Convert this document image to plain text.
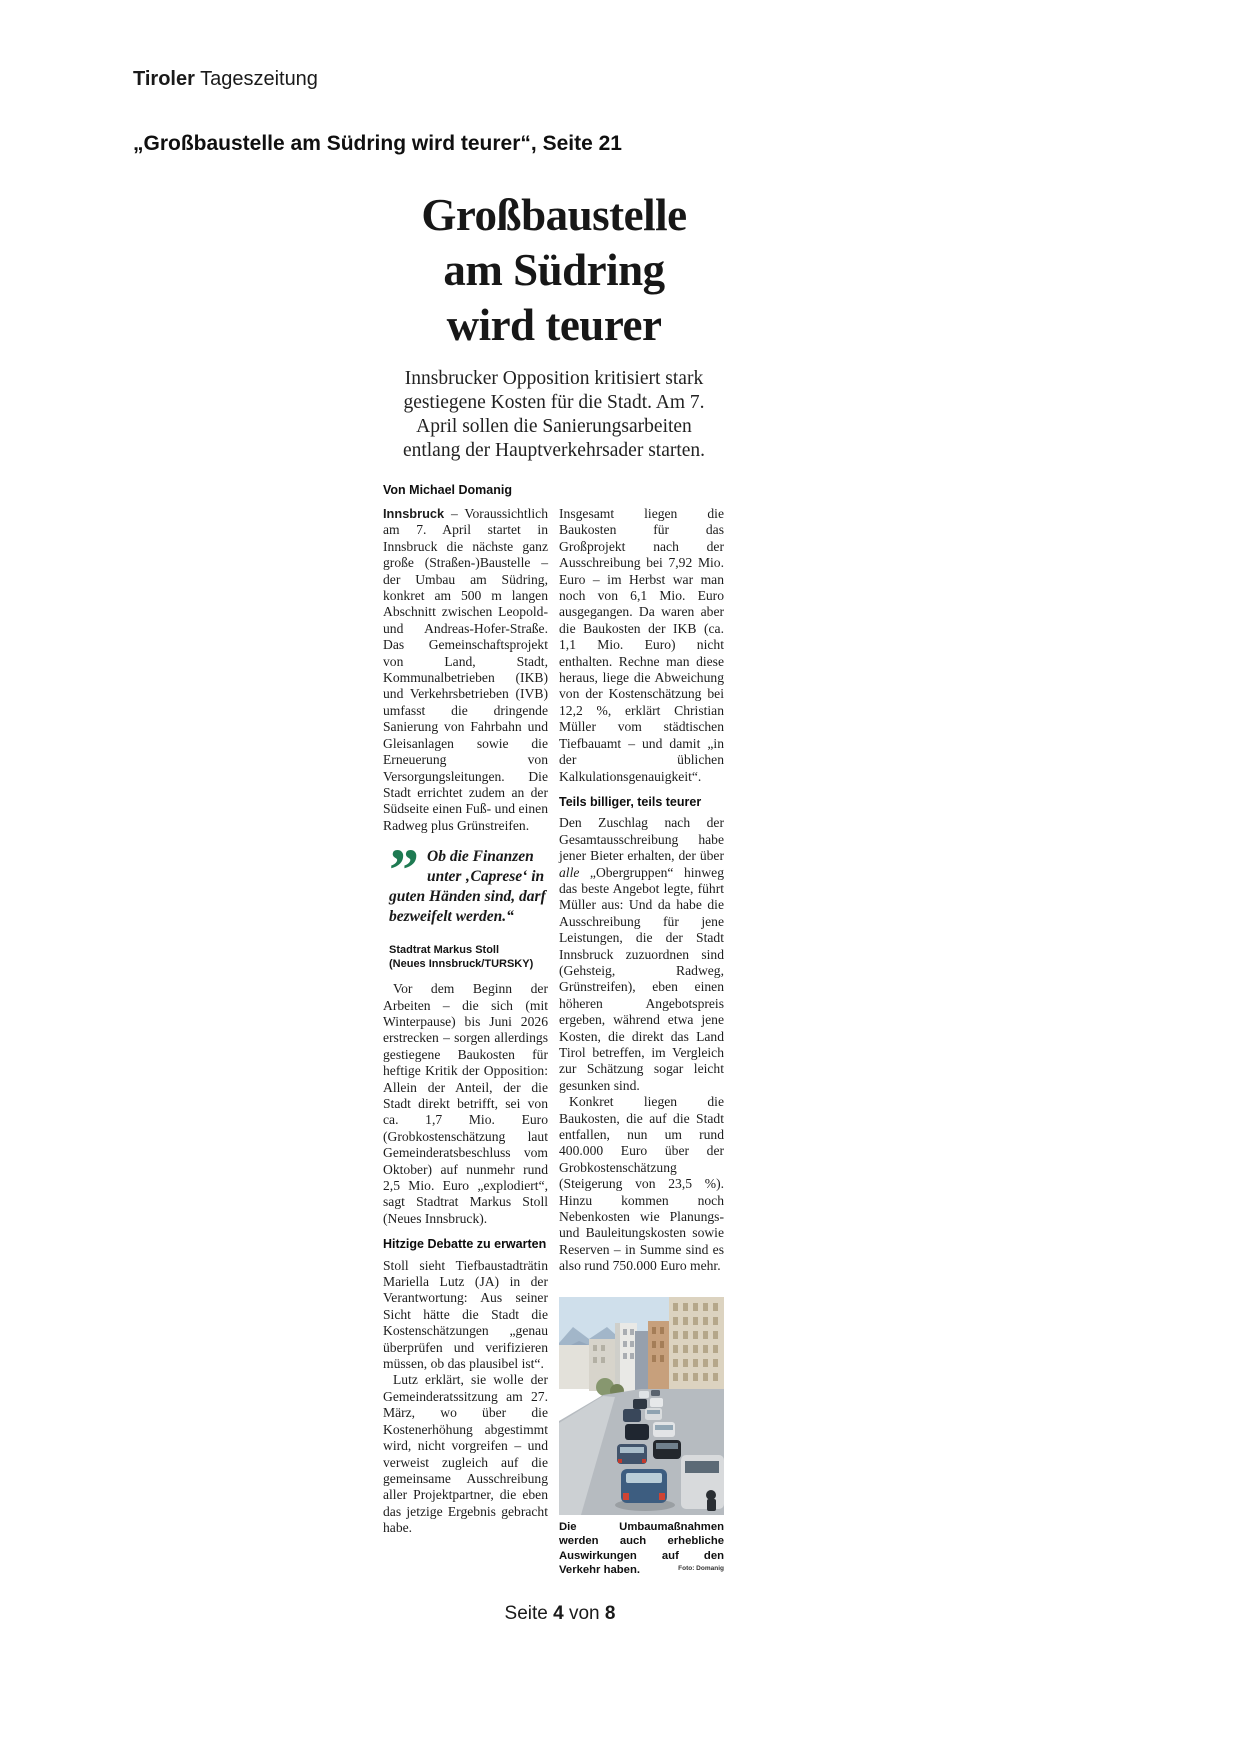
Tiroler Tageszeitung
„Großbaustelle am Südring wird teurer“, Seite 21
Großbaustelle
am Südring
wird teurer
Innsbrucker Opposition kritisiert stark gestiegene Kosten für die Stadt. Am 7. April sollen die Sanierungsarbeiten entlang der Hauptverkehrsader starten.
Von Michael Domanig

Innsbruck – Voraussichtlich am 7. April startet in Innsbruck die nächste ganz große (Straßen-)Baustelle – der Umbau am Südring, konkret am 500 m langen Abschnitt zwischen Leopold- und Andreas-Hofer-Straße. Das Gemeinschaftsprojekt von Land, Stadt, Kommunalbetrieben (IKB) und Verkehrsbetrieben (IVB) umfasst die dringende Sanierung von Fahrbahn und Gleisanlagen sowie die Erneuerung von Versorgungsleitungen. Die Stadt errichtet zudem an der Südseite einen Fuß- und einen Radweg plus Grünstreifen.

” Ob die Finanzen unter ‚Caprese‘ in guten Händen sind, darf bezweifelt werden.“
Stadtrat Markus Stoll
(Neues Innsbruck/TURSKY)

Vor dem Beginn der Arbeiten – die sich (mit Winterpause) bis Juni 2026 erstrecken – sorgen allerdings gestiegene Baukosten für heftige Kritik der Opposition: Allein der Anteil, der die Stadt direkt betrifft, sei von ca. 1,7 Mio. Euro (Grobkostenschätzung laut Gemeinderatsbeschluss vom Oktober) auf nunmehr rund 2,5 Mio. Euro „explodiert“, sagt Stadtrat Markus Stoll (Neues Innsbruck).

Hitzige Debatte zu erwarten

Stoll sieht Tiefbaustadträtin Mariella Lutz (JA) in der Verantwortung: Aus seiner Sicht hätte die Stadt die Kostenschätzungen „genau überprüfen und verifizieren müssen, ob das plausibel ist“.

Lutz erklärt, sie wolle der Gemeinderatssitzung am 27. März, wo über die Kostenerhöhung abgestimmt wird, nicht vorgreifen – und verweist zugleich auf die gemeinsame Ausschreibung aller Projektpartner, die eben das jetzige Ergebnis gebracht habe.

Insgesamt liegen die Baukosten für das Großprojekt nach der Ausschreibung bei 7,92 Mio. Euro – im Herbst war man noch von 6,1 Mio. Euro ausgegangen. Da waren aber die Baukosten der IKB (ca. 1,1 Mio. Euro) nicht enthalten. Rechne man diese heraus, liege die Abweichung von der Kostenschätzung bei 12,2 %, erklärt Christian Müller vom städtischen Tiefbauamt – und damit „in der üblichen Kalkulationsgenauigkeit“.

Teils billiger, teils teurer

Den Zuschlag nach der Gesamtausschreibung habe jener Bieter erhalten, der über alle „Obergruppen“ hinweg das beste Angebot legte, führt Müller aus: Und da habe die Ausschreibung für jene Leistungen, die der Stadt Innsbruck zuzuordnen sind (Gehsteig, Radweg, Grünstreifen), eben einen höheren Angebotspreis ergeben, während etwa jene Kosten, die direkt das Land Tirol betreffen, im Vergleich zur Schätzung sogar leicht gesunken sind.

Konkret liegen die Baukosten, die auf die Stadt entfallen, nun um rund 400.000 Euro über der Grobkostenschätzung (Steigerung von 23,5 %). Hinzu kommen noch Nebenkosten wie Planungs- und Bauleitungskosten sowie Reserven – in Summe sind es also rund 750.000 Euro mehr.

Die Umbaumaßnahmen werden auch erhebliche Auswirkungen auf den Verkehr haben.	Foto: Domanig
Seite 4 von 8
